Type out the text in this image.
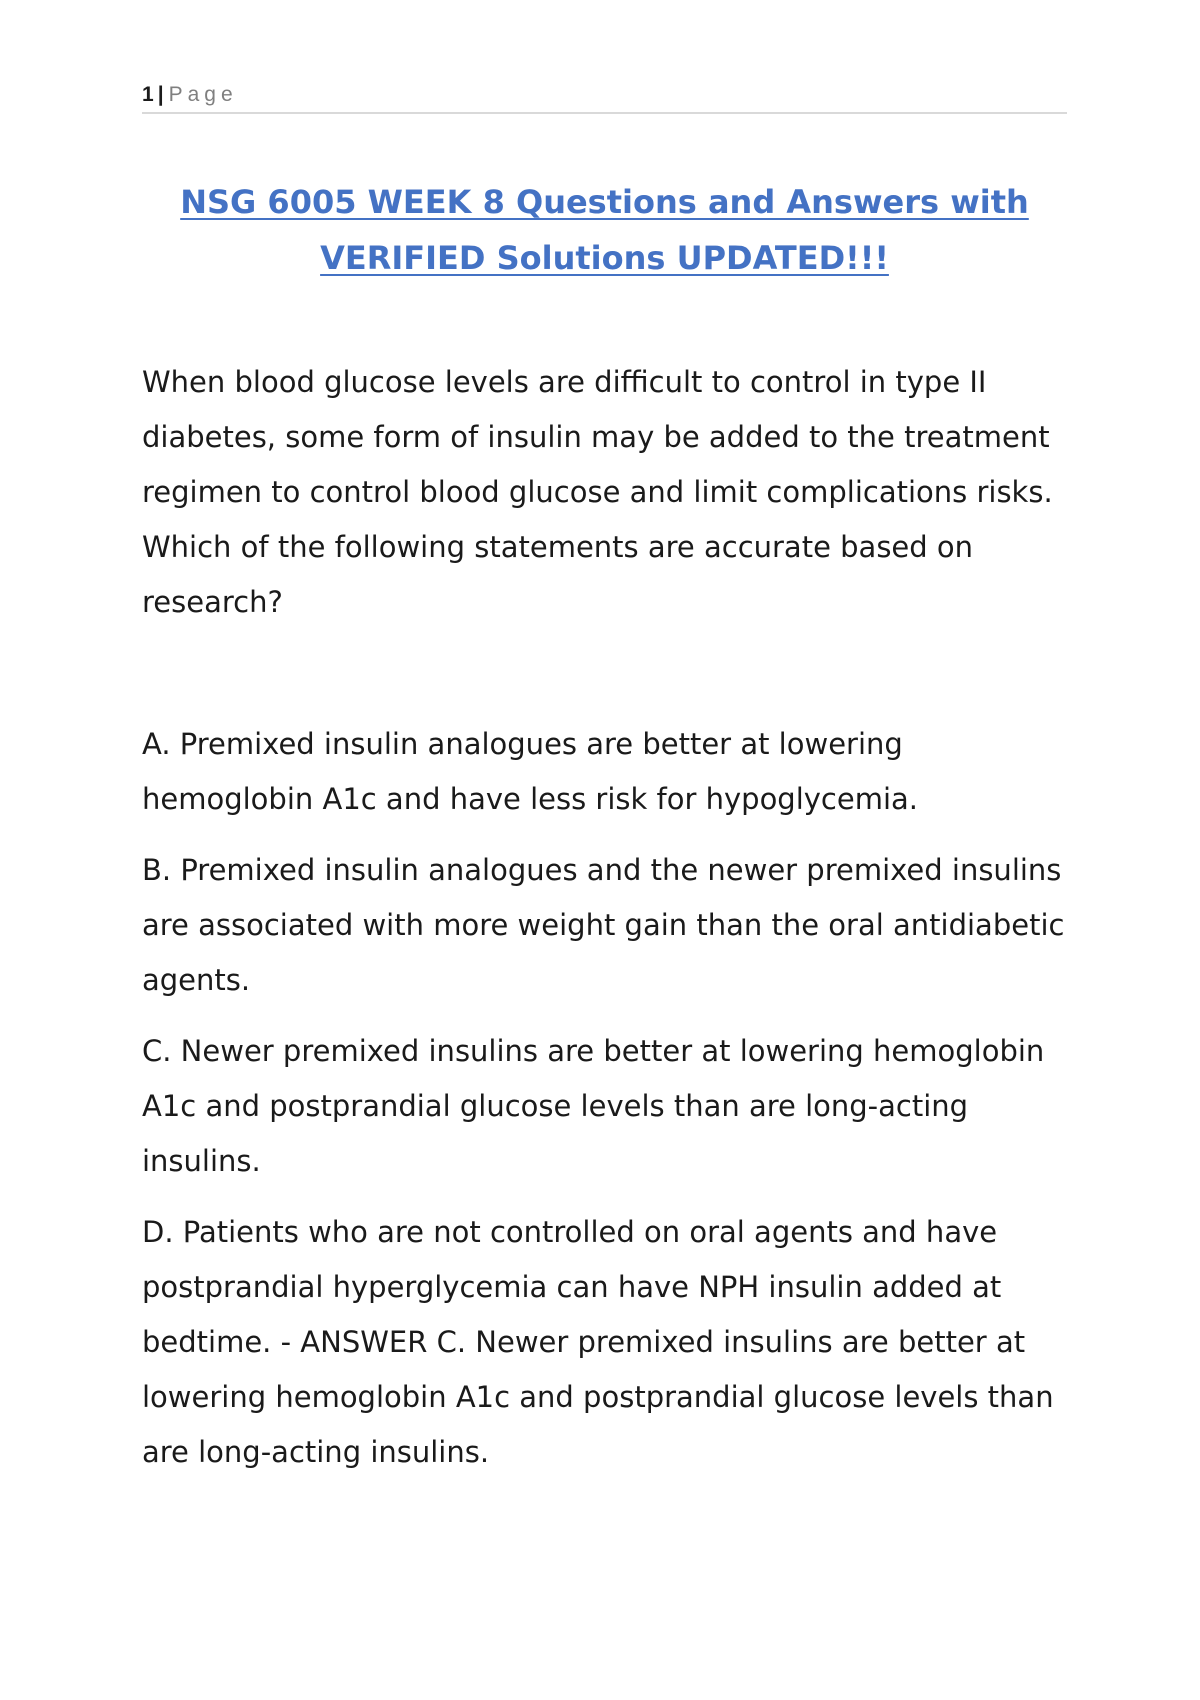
1 | Page
NSG 6005 WEEK 8 Questions and Answers with VERIFIED Solutions UPDATED!!!

When blood glucose levels are difficult to control in type II diabetes, some form of insulin may be added to the treatment regimen to control blood glucose and limit complications risks. Which of the following statements are accurate based on research?

A. Premixed insulin analogues are better at lowering hemoglobin A1c and have less risk for hypoglycemia.

B. Premixed insulin analogues and the newer premixed insulins are associated with more weight gain than the oral antidiabetic agents.

C. Newer premixed insulins are better at lowering hemoglobin A1c and postprandial glucose levels than are long-acting insulins.

D. Patients who are not controlled on oral agents and have postprandial hyperglycemia can have NPH insulin added at bedtime. - ANSWER C. Newer premixed insulins are better at lowering hemoglobin A1c and postprandial glucose levels than are long-acting insulins.
